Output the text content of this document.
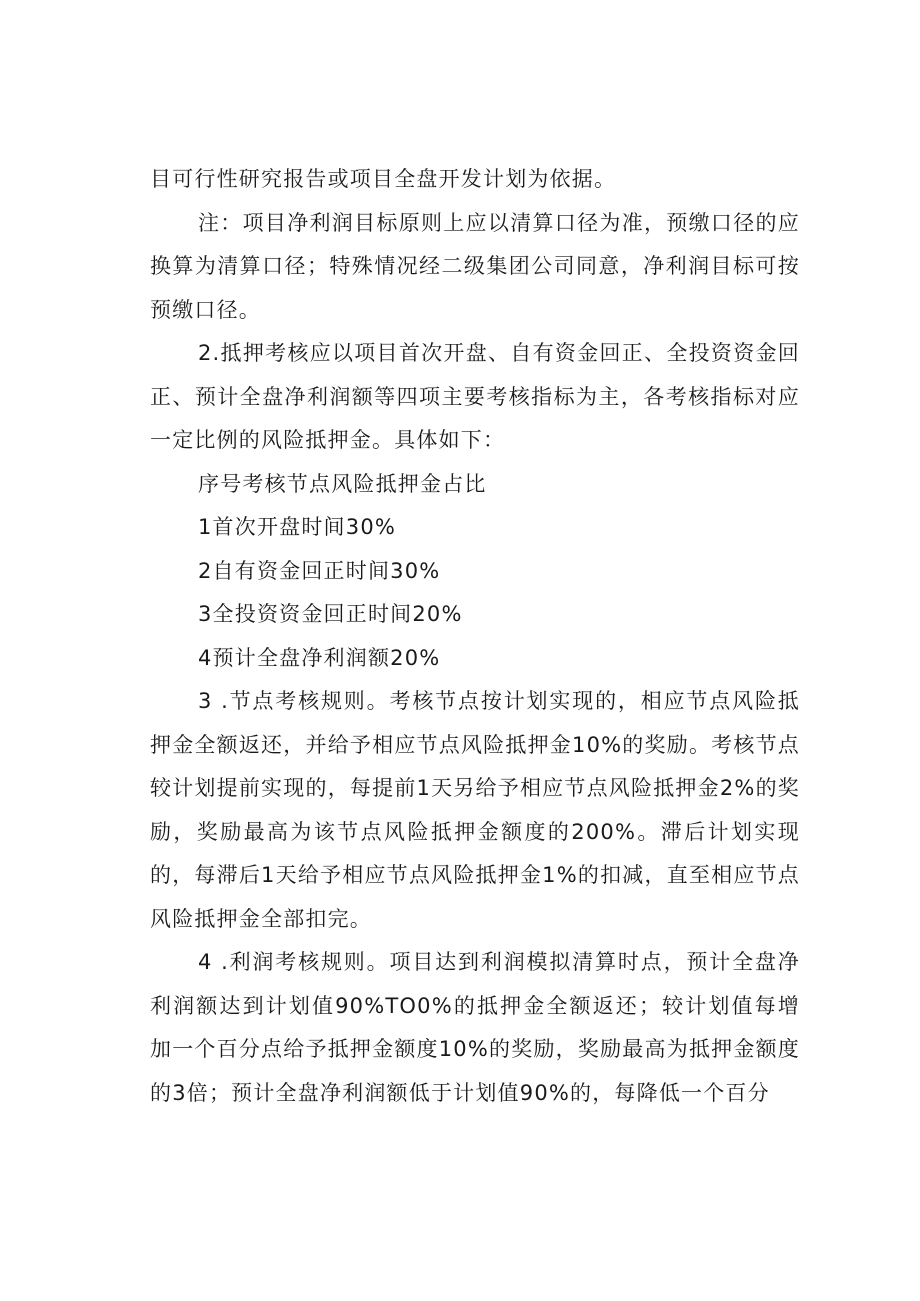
目可行性研究报告或项目全盘开发计划为依据。

注：项目净利润目标原则上应以清算口径为准，预缴口径的应换算为清算口径；特殊情况经二级集团公司同意，净利润目标可按预缴口径。

2.抵押考核应以项目首次开盘、自有资金回正、全投资资金回正、预计全盘净利润额等四项主要考核指标为主，各考核指标对应一定比例的风险抵押金。具体如下：

序号考核节点风险抵押金占比

1首次开盘时间30%

2自有资金回正时间30%

3全投资资金回正时间20%

4预计全盘净利润额20%

3 .节点考核规则。考核节点按计划实现的，相应节点风险抵押金全额返还，并给予相应节点风险抵押金10%的奖励。考核节点较计划提前实现的，每提前1天另给予相应节点风险抵押金2%的奖励，奖励最高为该节点风险抵押金额度的200%。滞后计划实现的，每滞后1天给予相应节点风险抵押金1%的扣减，直至相应节点风险抵押金全部扣完。

4 .利润考核规则。项目达到利润模拟清算时点，预计全盘净利润额达到计划值90%TO0%的抵押金全额返还；较计划值每增加一个百分点给予抵押金额度10%的奖励，奖励最高为抵押金额度的3倍；预计全盘净利润额低于计划值90%的，每降低一个百分
